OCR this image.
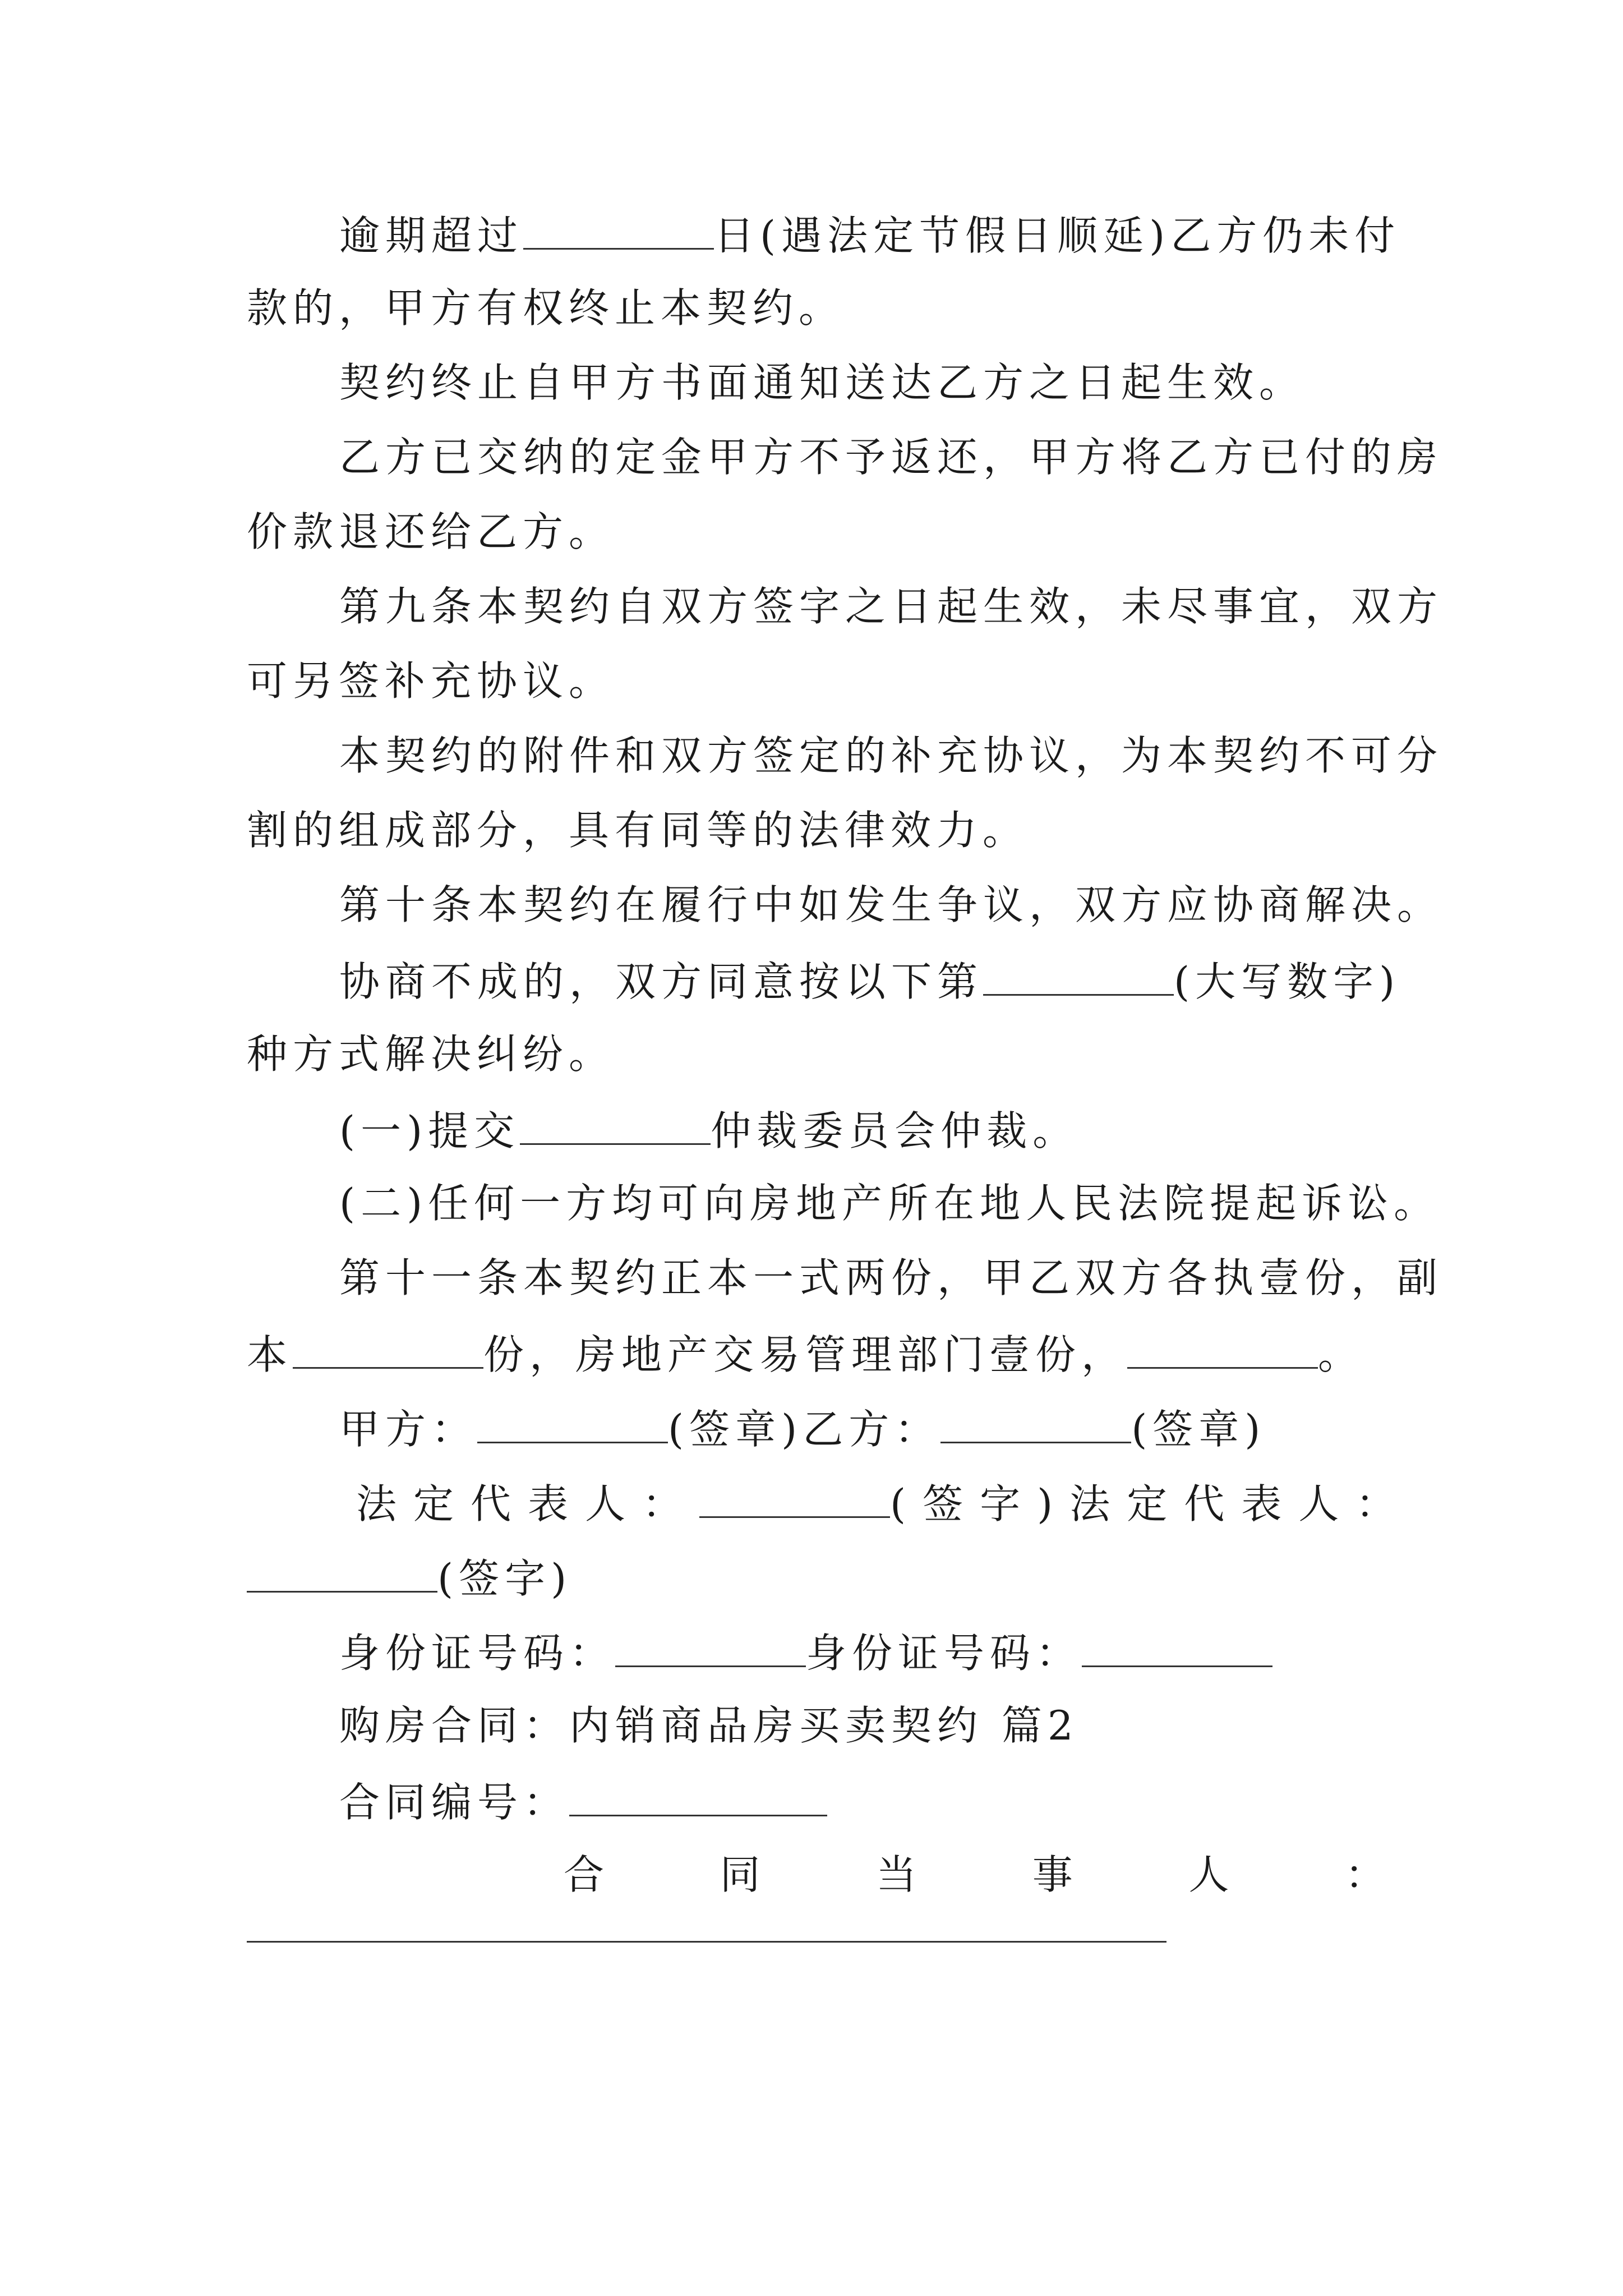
逾期超过	日(遇法定节假日顺延)乙方仍未付
款的，甲方有权终止本契约。
契约终止自甲方书面通知送达乙方之日起生效。
乙方已交纳的定金甲方不予返还，甲方将乙方已付的房
价款退还给乙方。
第九条本契约自双方签字之日起生效，未尽事宜，双方
可另签补充协议。
本契约的附件和双方签定的补充协议，为本契约不可分
割的组成部分，具有同等的法律效力。
第十条本契约在履行中如发生争议，双方应协商解决。
协商不成的，双方同意按以下第	(大写数字)
种方式解决纠纷。
(一)提交	仲裁委员会仲裁。
(二)任何一方均可向房地产所在地人民法院提起诉讼。
第十一条本契约正本一式两份，甲乙双方各执壹份，副
本	份，房地产交易管理部门壹份，	。
甲方：	(签章)乙方：	(签章)
法定代表人：	(签字)法定代表人：
(签字)
身份证号码：	身份证号码：
购房合同：内销商品房买卖契约 篇2
合同编号：
合	同	当	事	人	：
